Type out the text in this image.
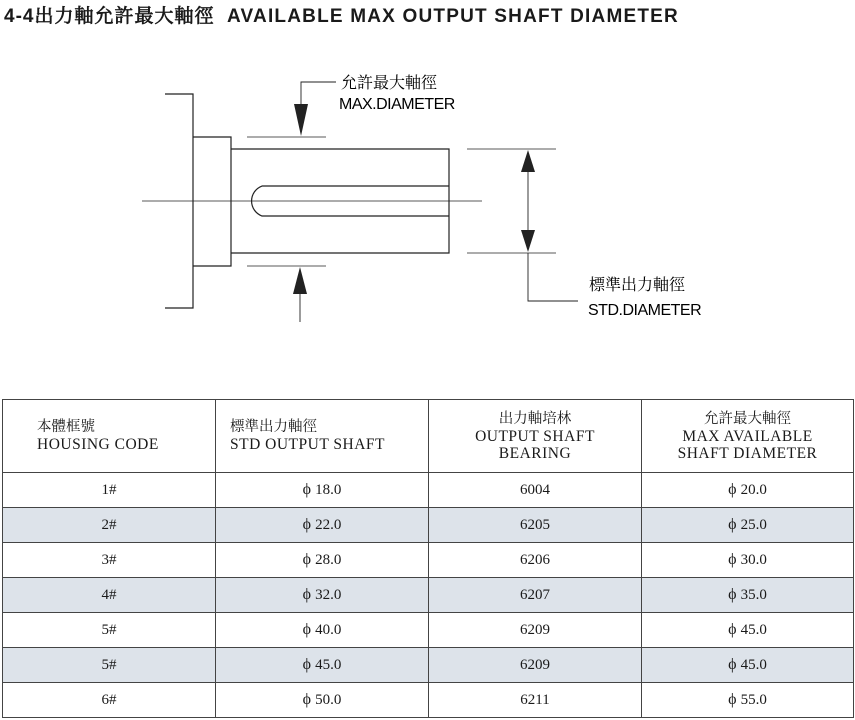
4-4出力軸允許最大軸徑 AVAILABLE MAX OUTPUT SHAFT DIAMETER
允許最大軸徑
MAX.DIAMETER
標準出力軸徑
STD.DIAMETER
本體框號
HOUSING CODE	標準出力軸徑
STD OUTPUT SHAFT	出力軸培林
OUTPUT SHAFT
BEARING	允許最大軸徑
MAX AVAILABLE
SHAFT DIAMETER

1#	ϕ 18.0	6004	ϕ 20.0
2#	ϕ 22.0	6205	ϕ 25.0
3#	ϕ 28.0	6206	ϕ 30.0
4#	ϕ 32.0	6207	ϕ 35.0
5#	ϕ 40.0	6209	ϕ 45.0
5#	ϕ 45.0	6209	ϕ 45.0
6#	ϕ 50.0	6211	ϕ 55.0
